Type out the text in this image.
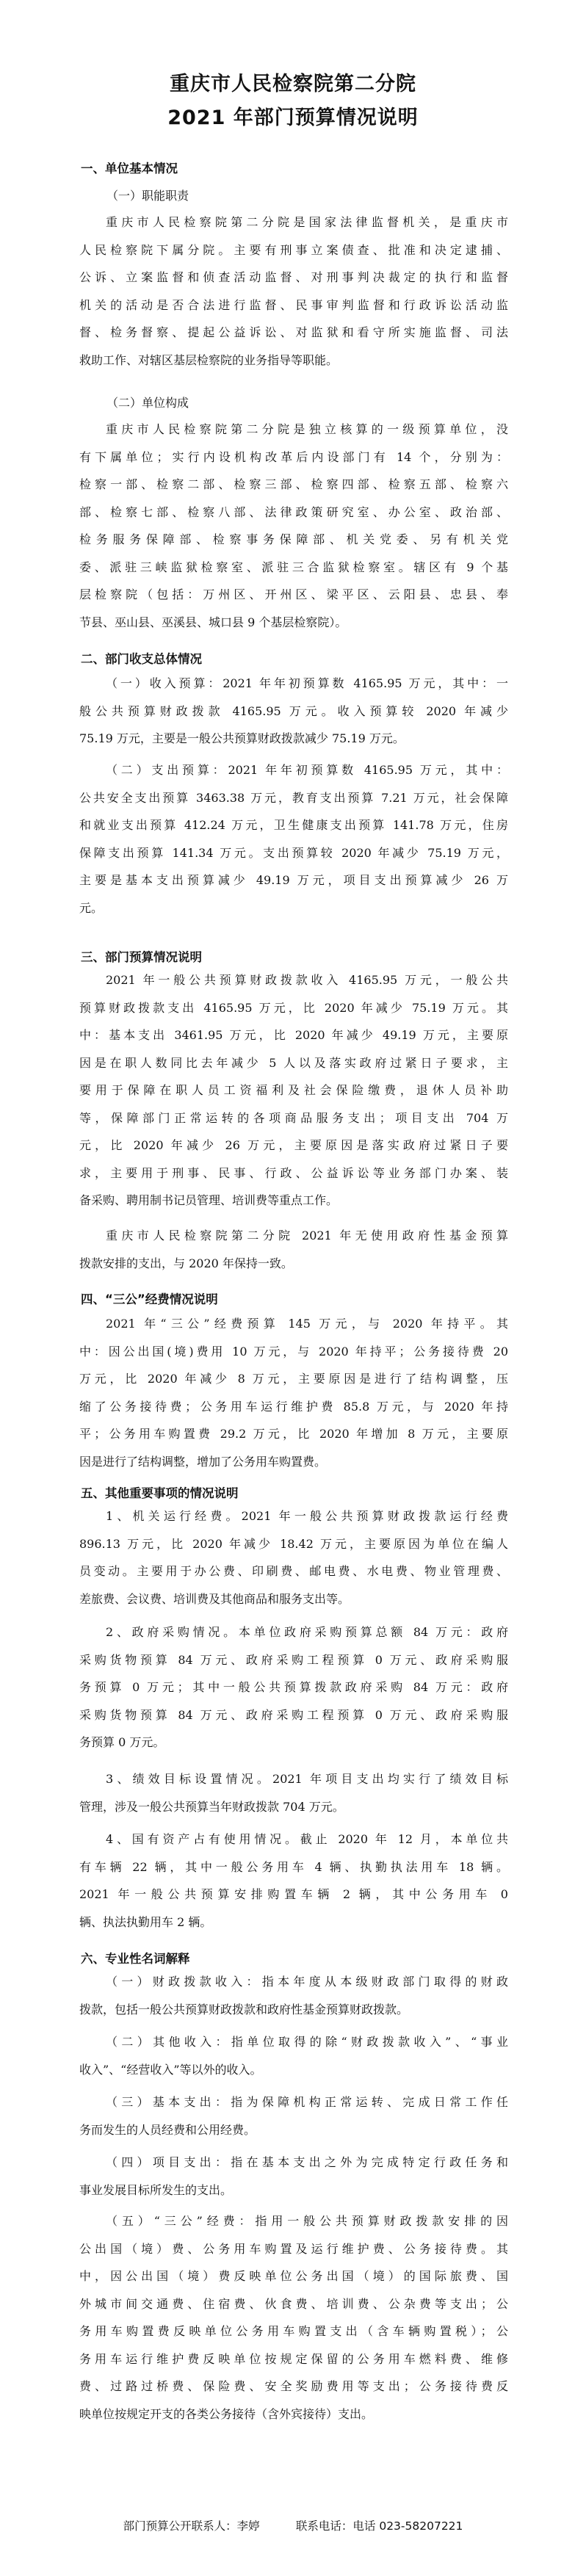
重庆市人民检察院第二分院
2021 年部门预算情况说明
一、单位基本情况
（一）职能职责
重庆市人民检察院第二分院是国家法律监督机关，是重庆市
人民检察院下属分院。主要有刑事立案债查、批准和决定逮捕、
公诉、立案监督和侦查活动监督、对刑事判决裁定的执行和监督
机关的活动是否合法进行监督、民事审判监督和行政诉讼活动监
督、检务督察、提起公益诉讼、对监狱和看守所实施监督、司法
救助工作、对辖区基层检察院的业务指导等职能。
（二）单位构成
重庆市人民检察院第二分院是独立核算的一级预算单位，没
有下属单位；实行内设机构改革后内设部门有 14 个，分别为：
检察一部、检察二部、检察三部、检察四部、检察五部、检察六
部、检察七部、检察八部、法律政策研究室、办公室、政治部、
检务服务保障部、检察事务保障部、机关党委、另有机关党
委、派驻三峡监狱检察室、派驻三合监狱检察室。辖区有 9 个基
层检察院（包括：万州区、开州区、梁平区、云阳县、忠县、奉
节县、巫山县、巫溪县、城口县 9 个基层检察院）。
二、部门收支总体情况
（一）收入预算：2021 年年初预算数 4165.95 万元，其中：一
般公共预算财政拨款 4165.95 万元。收入预算较 2020 年减少
75.19 万元，主要是一般公共预算财政拨款减少 75.19 万元。
（二）支出预算：2021 年年初预算数 4165.95 万元，其中：
公共安全支出预算 3463.38 万元，教育支出预算 7.21 万元，社会保障
和就业支出预算 412.24 万元，卫生健康支出预算 141.78 万元，住房
保障支出预算 141.34 万元。支出预算较 2020 年减少 75.19 万元，
主要是基本支出预算减少 49.19 万元，项目支出预算减少 26 万
元。
三、部门预算情况说明
2021 年一般公共预算财政拨款收入 4165.95 万元，一般公共
预算财政拨款支出 4165.95 万元，比 2020 年减少 75.19 万元。其
中：基本支出 3461.95 万元，比 2020 年减少 49.19 万元，主要原
因是在职人数同比去年减少 5 人以及落实政府过紧日子要求，主
要用于保障在职人员工资福利及社会保险缴费，退休人员补助
等，保障部门正常运转的各项商品服务支出；项目支出 704 万
元，比 2020 年减少 26 万元，主要原因是落实政府过紧日子要
求，主要用于刑事、民事、行政、公益诉讼等业务部门办案、装
备采购、聘用制书记员管理、培训费等重点工作。
重庆市人民检察院第二分院 2021 年无使用政府性基金预算
拨款安排的支出，与 2020 年保持一致。
四、“三公”经费情况说明
2021 年“三公”经费预算 145 万元，与 2020 年持平。其
中：因公出国(境)费用 10 万元，与 2020 年持平；公务接待费 20
万元，比 2020 年减少 8 万元，主要原因是进行了结构调整，压
缩了公务接待费；公务用车运行维护费 85.8 万元，与 2020 年持
平；公务用车购置费 29.2 万元，比 2020 年增加 8 万元，主要原
因是进行了结构调整，增加了公务用车购置费。
五、其他重要事项的情况说明
1、机关运行经费。2021 年一般公共预算财政拨款运行经费
896.13 万元，比 2020 年减少 18.42 万元，主要原因为单位在编人
员变动。主要用于办公费、印刷费、邮电费、水电费、物业管理费、
差旅费、会议费、培训费及其他商品和服务支出等。
2、政府采购情况。本单位政府采购预算总额 84 万元：政府
采购货物预算 84 万元、政府采购工程预算 0 万元、政府采购服
务预算 0 万元；其中一般公共预算拨款政府采购 84 万元：政府
采购货物预算 84 万元、政府采购工程预算 0 万元、政府采购服
务预算 0 万元。
3、绩效目标设置情况。2021 年项目支出均实行了绩效目标
管理，涉及一般公共预算当年财政拨款 704 万元。
4、国有资产占有使用情况。截止 2020 年 12 月，本单位共
有车辆 22 辆，其中一般公务用车 4 辆、执勤执法用车 18 辆。
2021 年一般公共预算安排购置车辆 2 辆，其中公务用车 0
辆、执法执勤用车 2 辆。
六、专业性名词解释
（一）财政拨款收入：指本年度从本级财政部门取得的财政
拨款，包括一般公共预算财政拨款和政府性基金预算财政拨款。
（二）其他收入：指单位取得的除“财政拨款收入”、“事业
收入”、“经营收入”等以外的收入。
（三）基本支出：指为保障机构正常运转、完成日常工作任
务而发生的人员经费和公用经费。
（四）项目支出：指在基本支出之外为完成特定行政任务和
事业发展目标所发生的支出。
（五）“三公”经费：指用一般公共预算财政拨款安排的因
公出国（境）费、公务用车购置及运行维护费、公务接待费。其
中，因公出国（境）费反映单位公务出国（境）的国际旅费、国
外城市间交通费、住宿费、伙食费、培训费、公杂费等支出；公
务用车购置费反映单位公务用车购置支出（含车辆购置税）；公
务用车运行维护费反映单位按规定保留的公务用车燃料费、维修
费、过路过桥费、保险费、安全奖励费用等支出；公务接待费反
映单位按规定开支的各类公务接待（含外宾接待）支出。
部门预算公开联系人：李婷	联系电话：电话 023-58207221
